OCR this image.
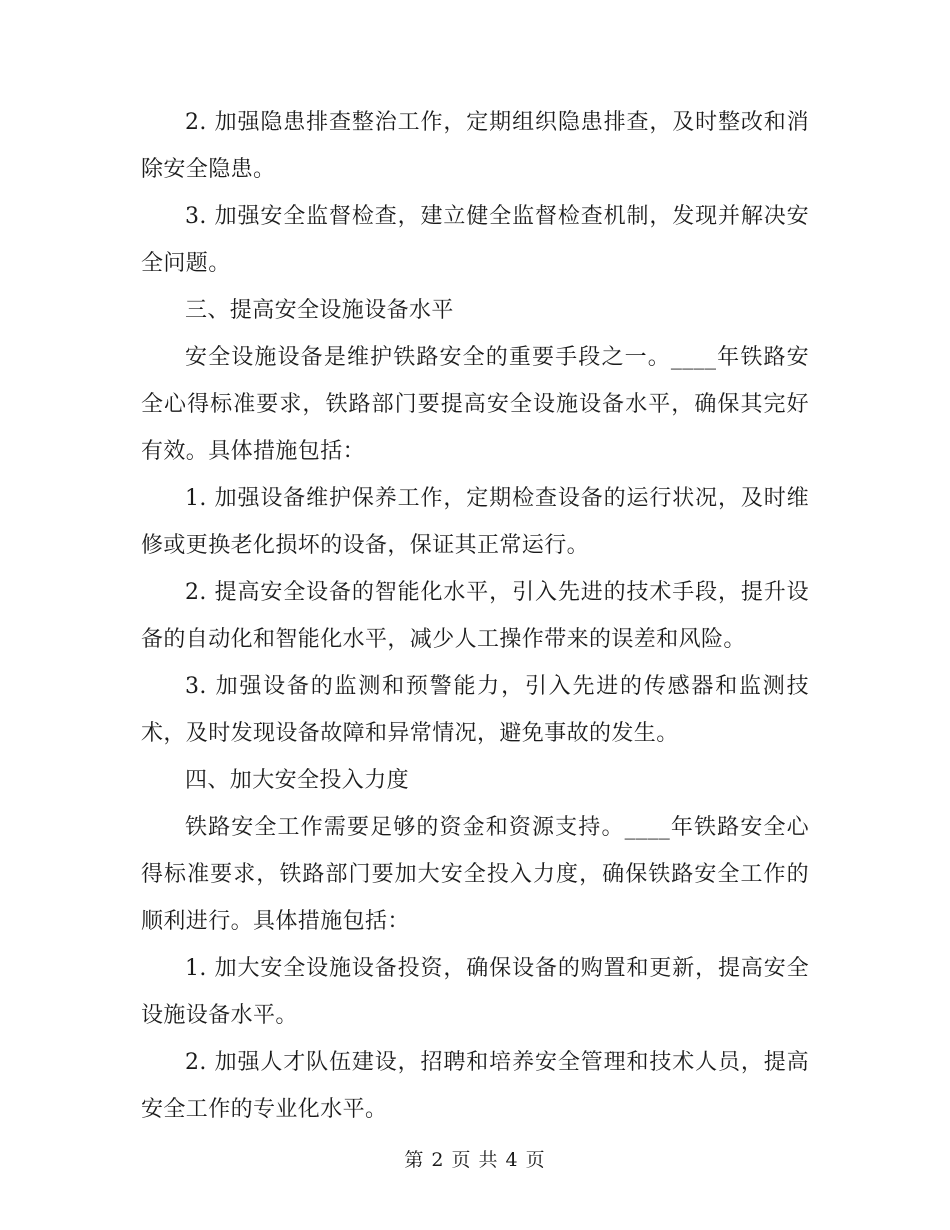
2. 加强隐患排查整治工作，定期组织隐患排查，及时整改和消除安全隐患。

3. 加强安全监督检查，建立健全监督检查机制，发现并解决安全问题。

三、提高安全设施设备水平

安全设施设备是维护铁路安全的重要手段之一。____年铁路安全心得标准要求，铁路部门要提高安全设施设备水平，确保其完好有效。具体措施包括：

1. 加强设备维护保养工作，定期检查设备的运行状况，及时维修或更换老化损坏的设备，保证其正常运行。

2. 提高安全设备的智能化水平，引入先进的技术手段，提升设备的自动化和智能化水平，减少人工操作带来的误差和风险。

3. 加强设备的监测和预警能力，引入先进的传感器和监测技术，及时发现设备故障和异常情况，避免事故的发生。

四、加大安全投入力度

铁路安全工作需要足够的资金和资源支持。____年铁路安全心得标准要求，铁路部门要加大安全投入力度，确保铁路安全工作的顺利进行。具体措施包括：

1. 加大安全设施设备投资，确保设备的购置和更新，提高安全设施设备水平。

2. 加强人才队伍建设，招聘和培养安全管理和技术人员，提高安全工作的专业化水平。

第 2 页 共 4 页
